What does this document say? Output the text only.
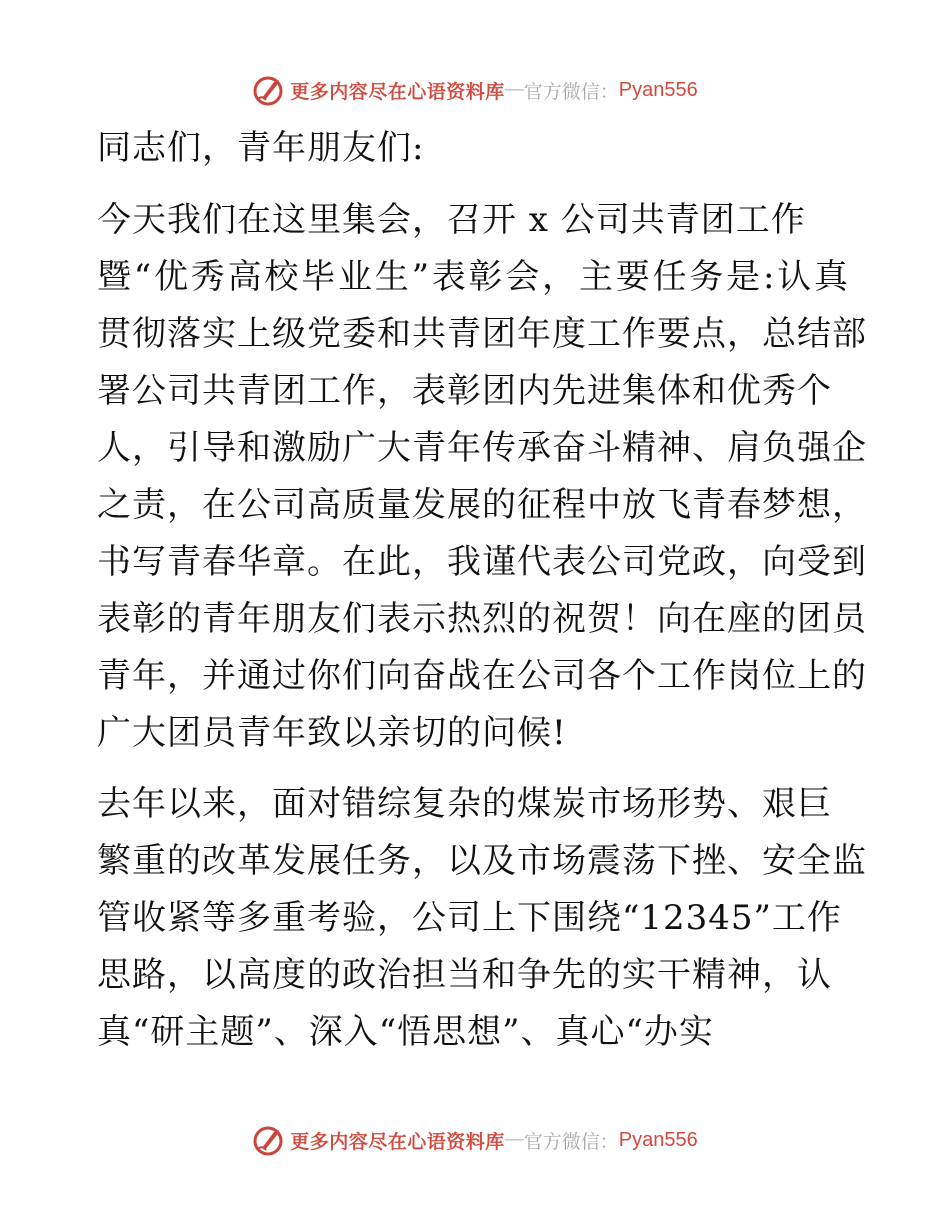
更多内容尽在心语资料库 — 官方微信： Pyan556
同志们，青年朋友们:
今天我们在这里集会，召开 x 公司共青团工作
暨“优秀高校毕业生”表彰会，主要任务是:认真
贯彻落实上级党委和共青团年度工作要点，总结部
署公司共青团工作，表彰团内先进集体和优秀个
人，引导和激励广大青年传承奋斗精神、肩负强企
之责，在公司高质量发展的征程中放飞青春梦想，
书写青春华章。在此，我谨代表公司党政，向受到
表彰的青年朋友们表示热烈的祝贺！向在座的团员
青年，并通过你们向奋战在公司各个工作岗位上的
广大团员青年致以亲切的问候!
去年以来，面对错综复杂的煤炭市场形势、艰巨
繁重的改革发展任务，以及市场震荡下挫、安全监
管收紧等多重考验，公司上下围绕“12345”工作
思路，以高度的政治担当和争先的实干精神，认
真“研主题”、深入“悟思想”、真心“办实
更多内容尽在心语资料库 — 官方微信： Pyan556
